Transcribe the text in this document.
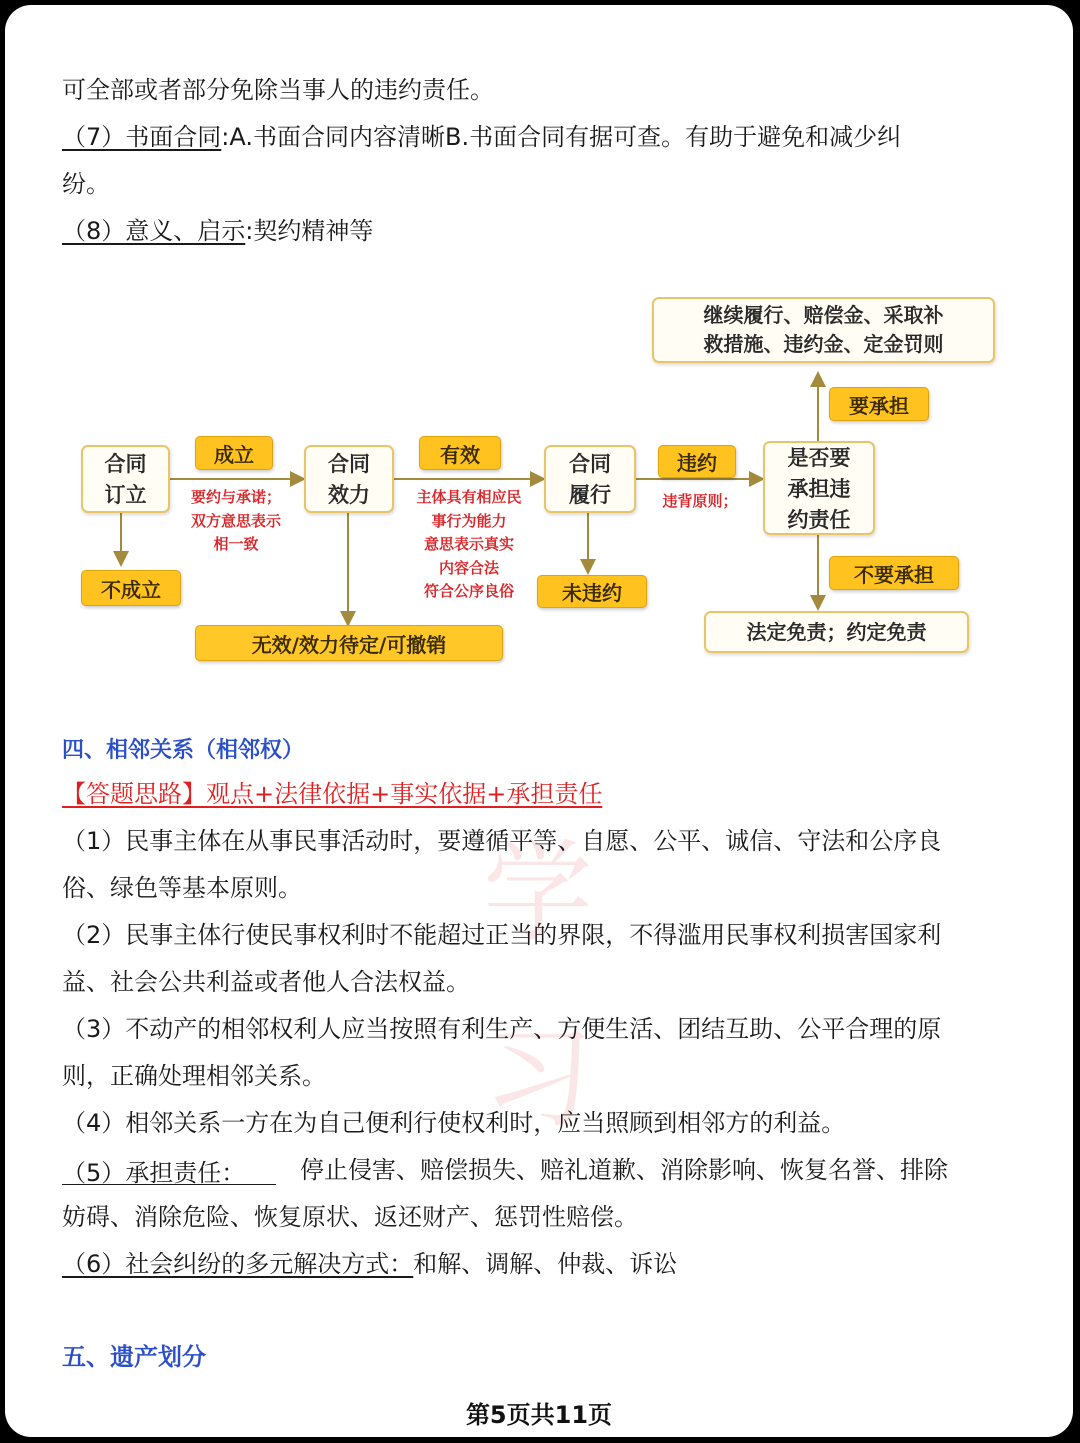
学
习
可全部或者部分免除当事人的违约责任。
（7）书面合同:A.书面合同内容清晰B.书面合同有据可查。有助于避免和减少纠
纷。
（8）意义、启示:契约精神等
合同
订立
合同
效力
合同
履行
是否要
承担违
约责任
继续履行、赔偿金、采取补
救措施、违约金、定金罚则
法定免责；约定免责
成立	有效	违约
要承担
不成立	未违约
不要承担
无效/效力待定/可撤销
要约与承诺；
双方意思表示
相一致
主体具有相应民
事行为能力
意思表示真实
内容合法
符合公序良俗
违背原则；
四、相邻关系（相邻权）
【答题思路】观点+法律依据+事实依据+承担责任
（1）民事主体在从事民事活动时，要遵循平等、自愿、公平、诚信、守法和公序良
俗、绿色等基本原则。
（2）民事主体行使民事权利时不能超过正当的界限，不得滥用民事权利损害国家利
益、社会公共利益或者他人合法权益。
（3）不动产的相邻权利人应当按照有利生产、方便生活、团结互助、公平合理的原
则，正确处理相邻关系。
（4）相邻关系一方在为自己便利行使权利时，应当照顾到相邻方的利益。
（5）承担责任： 停止侵害、赔偿损失、赔礼道歉、消除影响、恢复名誉、排除
妨碍、消除危险、恢复原状、返还财产、惩罚性赔偿。
（6）社会纠纷的多元解决方式：和解、调解、仲裁、诉讼
五、遗产划分
第5页共11页
